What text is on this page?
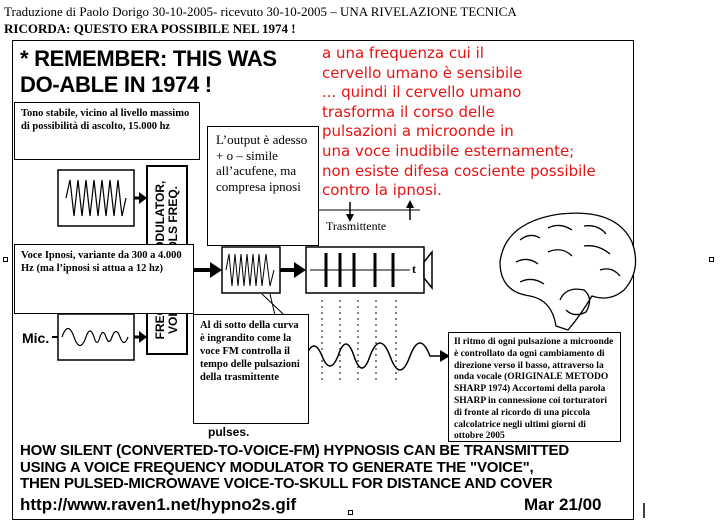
Traduzione di Paolo Dorigo 30-10-2005- ricevuto 30-10-2005 – UNA RIVELAZIONE TECNICA
RICORDA: QUESTO ERA POSSIBILE NEL 1974 !
* REMEMBER: THIS WAS
DO-ABLE IN 1974 !
a una frequenza cui il
cervello umano è sensibile
... quindi il cervello umano
trasforma il corso delle
pulsazioni a microonde in
una voce inudibile esternamente;
non esiste difesa cosciente possibile
contro la ipnosi.
Tono stabile, vicino al livello massimo di possibilità di ascolto, 15.000 hz
L’output è adesso + o – simile all’acufene, ma compresa ipnosi
Voce Ipnosi, variante da 300 a 4.000 Hz (ma l’ipnosi si attua a 12 hz)
Al di sotto della curva è ingrandito come la voce FM controlla il tempo delle pulsazioni della trasmittente
Il ritmo di ogni pulsazione a microonde è controllato da ogni cambiamento di direzione verso il basso, attraverso la onda vocale (ORIGINALE METODO SHARP 1974) Accortomi della parola SHARP in connessione coi torturatori di fronte al ricordo di una piccola calcolatrice negli ultimi giorni di ottobre 2005
Trasmittente
Mic.
t
pulses.
HOW SILENT (CONVERTED-TO-VOICE-FM) HYPNOSIS CAN BE TRANSMITTED
USING A VOICE FREQUENCY MODULATOR TO GENERATE THE "VOICE",
THEN PULSED-MICROWAVE VOICE-TO-SKULL FOR DISTANCE AND COVER
http://www.raven1.net/hypno2s.gif	Mar 21/00
